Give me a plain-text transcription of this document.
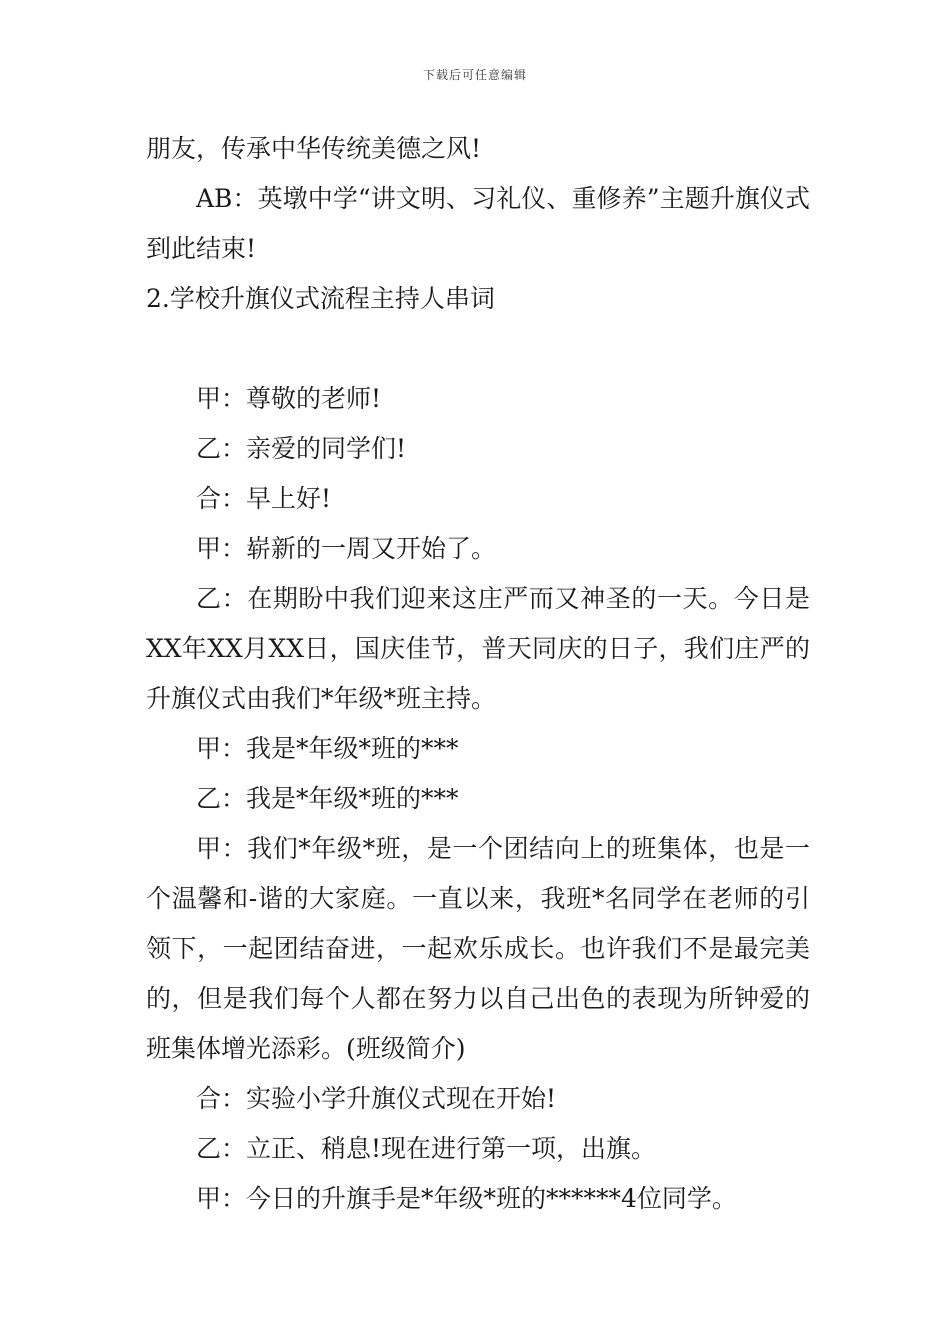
下载后可任意编辑

朋友，传承中华传统美德之风!

AB：英墩中学“讲文明、习礼仪、重修养”主题升旗仪式到此结束!

2.学校升旗仪式流程主持人串词

甲：尊敬的老师!

乙：亲爱的同学们!

合：早上好!

甲：崭新的一周又开始了。

乙：在期盼中我们迎来这庄严而又神圣的一天。今日是XX年XX月XX日，国庆佳节，普天同庆的日子，我们庄严的升旗仪式由我们*年级*班主持。

甲：我是*年级*班的***

乙：我是*年级*班的***

甲：我们*年级*班，是一个团结向上的班集体，也是一个温馨和-谐的大家庭。一直以来，我班*名同学在老师的引领下，一起团结奋进，一起欢乐成长。也许我们不是最完美的，但是我们每个人都在努力以自己出色的表现为所钟爱的班集体增光添彩。(班级简介)

合：实验小学升旗仪式现在开始!

乙：立正、稍息!现在进行第一项，出旗。

甲：今日的升旗手是*年级*班的******4位同学。
